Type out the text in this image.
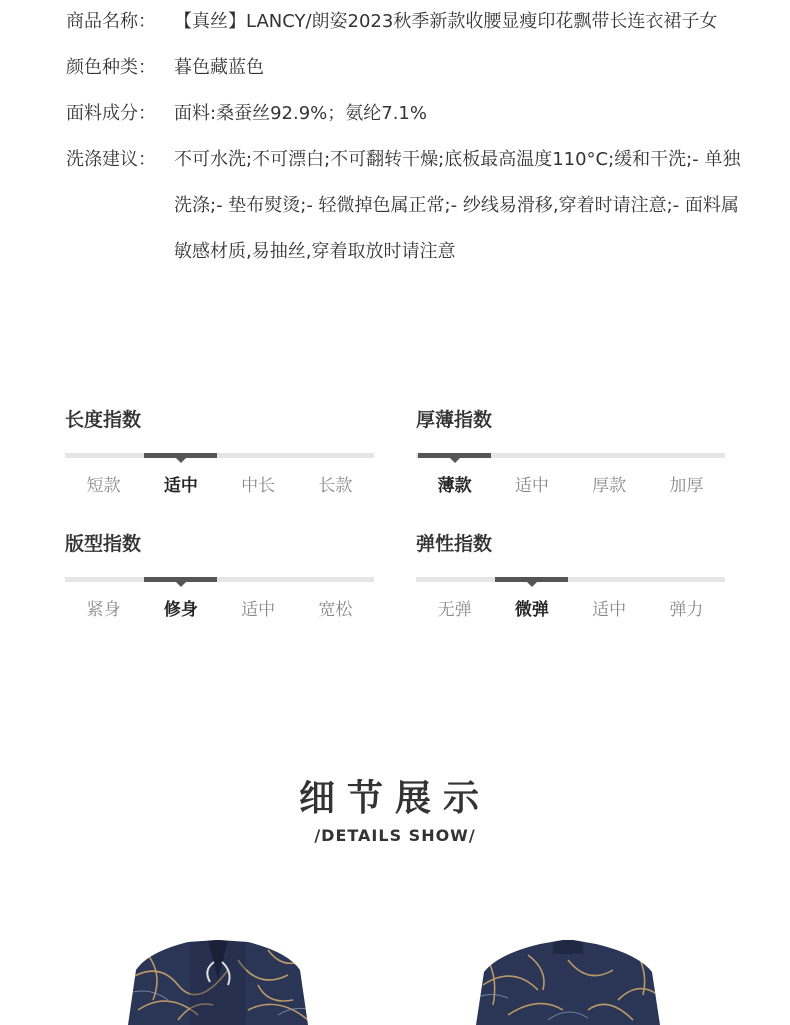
商品名称：	【真丝】LANCY/朗姿2023秋季新款收腰显瘦印花飘带长连衣裙子女
颜色种类：	暮色藏蓝色
面料成分：	面料:桑蚕丝92.9%；氨纶7.1%
洗涤建议：	不可水洗;不可漂白;不可翻转干燥;底板最高温度110°C;缓和干洗;- 单独洗涤;- 垫布熨烫;- 轻微掉色属正常;- 纱线易滑移,穿着时请注意;- 面料属敏感材质,易抽丝,穿着取放时请注意
长度指数
短款	适中	中长	长款
厚薄指数
薄款	适中	厚款	加厚
版型指数
紧身	修身	适中	宽松
弹性指数
无弹	微弹	适中	弹力
细节展示
/DETAILS SHOW/
